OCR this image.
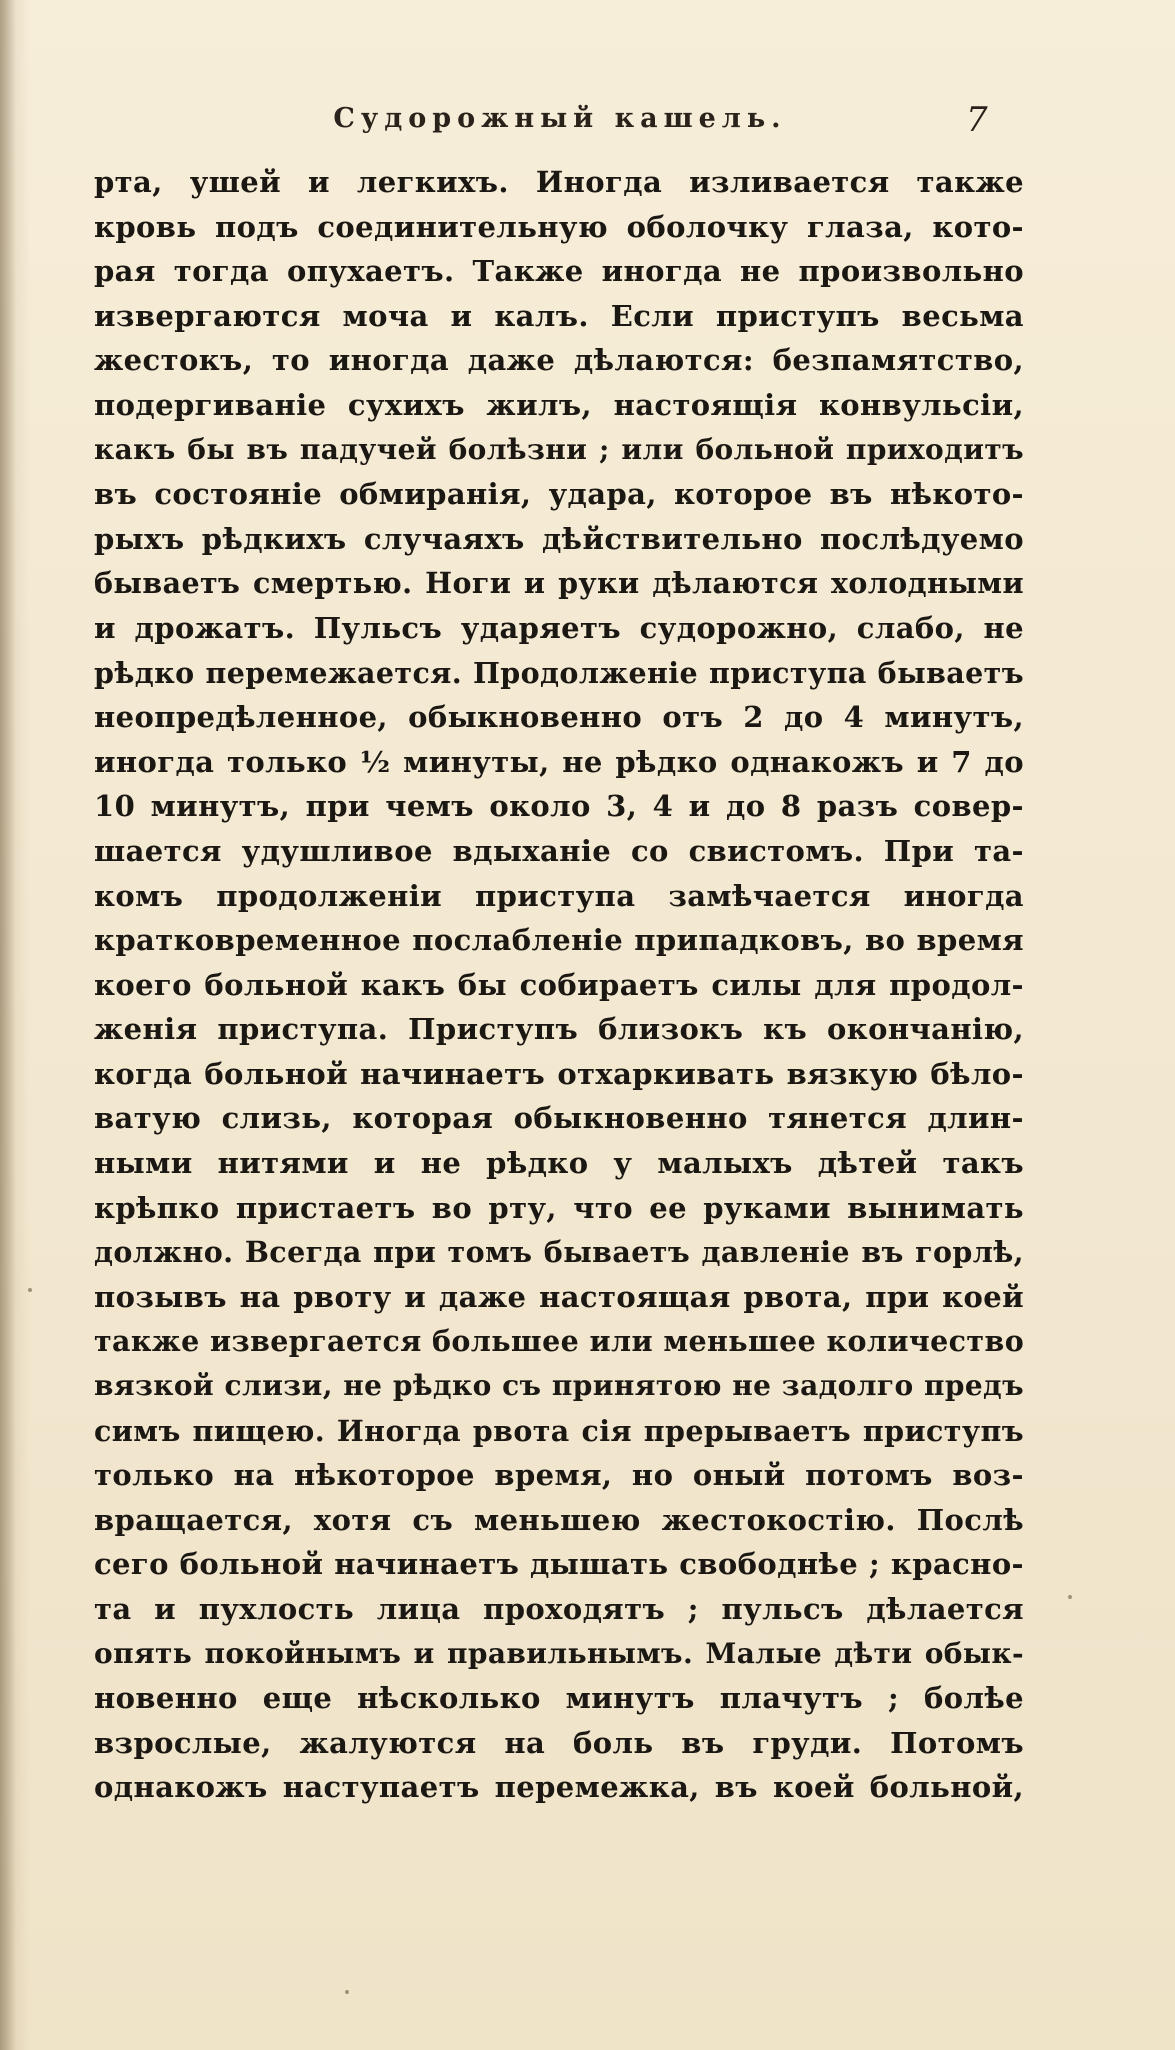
Судорожный кашель.	7
рта, ушей и легкихъ. Иногда изливается также
кровь подъ соединительную оболочку глаза, кото-
рая тогда опухаетъ. Также иногда не произвольно
извергаются моча и калъ. Если приступъ весьма
жестокъ, то иногда даже дѣлаются: безпамятство,
подергиваніе сухихъ жилъ, настоящія конвульсіи,
какъ бы въ падучей болѣзни ; или больной приходитъ
въ состояніе обмиранія, удара, которое въ нѣкото-
рыхъ рѣдкихъ случаяхъ дѣйствительно послѣдуемо
бываетъ смертью. Ноги и руки дѣлаются холодными
и дрожатъ. Пульсъ ударяетъ судорожно, слабо, не
рѣдко перемежается. Продолженіе приступа бываетъ
неопредѣленное, обыкновенно отъ 2 до 4 минутъ,
иногда только ½ минуты, не рѣдко однакожъ и 7 до
10 минутъ, при чемъ около 3, 4 и до 8 разъ совер-
шается удушливое вдыханіе со свистомъ. При та-
комъ продолженіи приступа замѣчается иногда
кратковременное послабленіе припадковъ, во время
коего больной какъ бы собираетъ силы для продол-
женія приступа. Приступъ близокъ къ окончанію,
когда больной начинаетъ отхаркивать вязкую бѣло-
ватую слизь, которая обыкновенно тянется длин-
ными нитями и не рѣдко у малыхъ дѣтей такъ
крѣпко пристаетъ во рту, что ее руками вынимать
должно. Всегда при томъ бываетъ давленіе въ горлѣ,
позывъ на рвоту и даже настоящая рвота, при коей
также извергается большее или меньшее количество
вязкой слизи, не рѣдко съ принятою не задолго предъ
симъ пищею. Иногда рвота сія прерываетъ приступъ
только на нѣкоторое время, но оный потомъ воз-
вращается, хотя съ меньшею жестокостію. Послѣ
сего больной начинаетъ дышать свободнѣе ; красно-
та и пухлость лица проходятъ ; пульсъ дѣлается
опять покойнымъ и правильнымъ. Малые дѣти обык-
новенно еще нѣсколько минутъ плачутъ ; болѣе
взрослые, жалуются на боль въ груди. Потомъ
однакожъ наступаетъ перемежка, въ коей больной,
